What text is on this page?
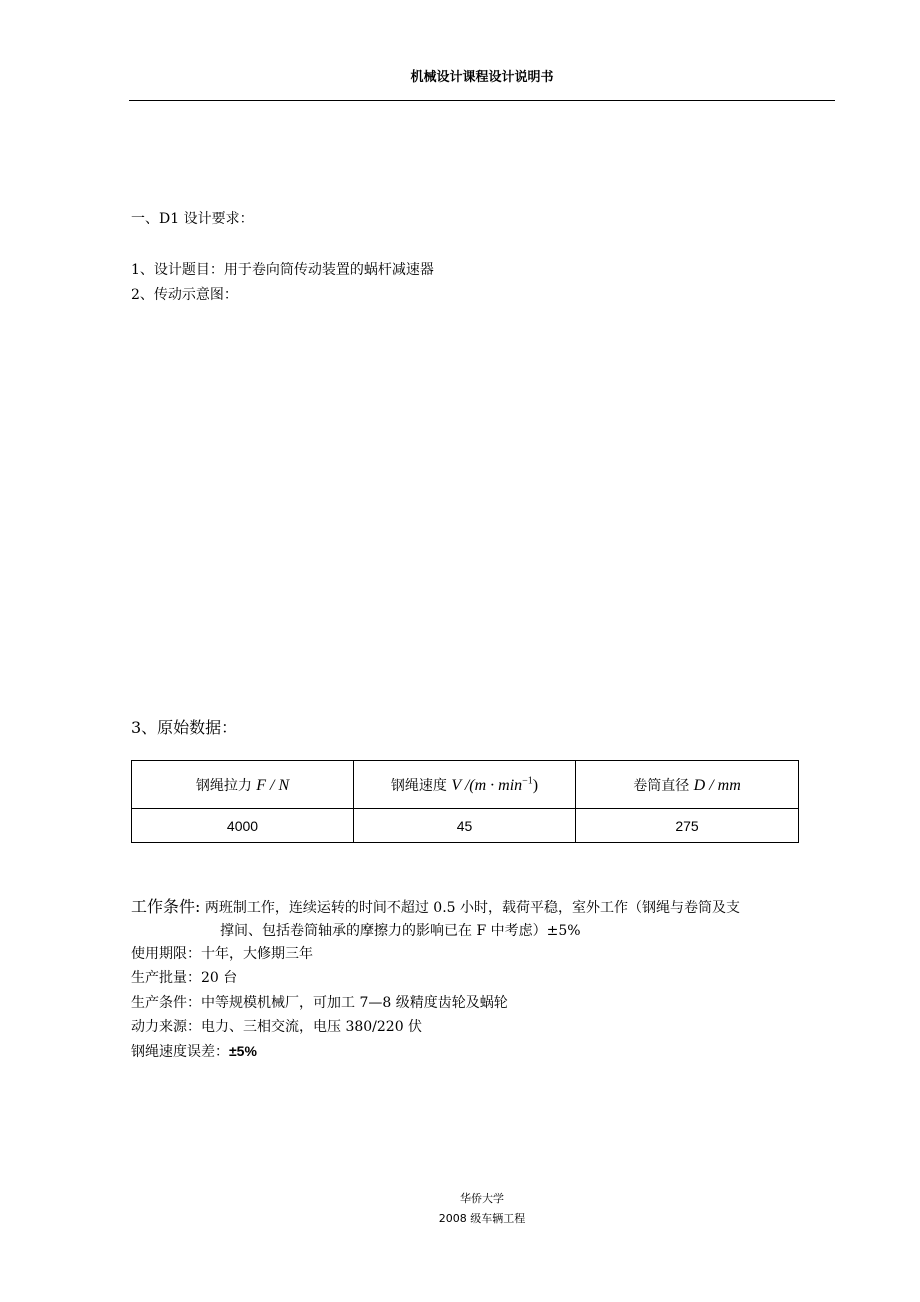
机械设计课程设计说明书
一、D1 设计要求：
1、设计题目：用于卷向筒传动装置的蜗杆减速器
2、传动示意图：
3、原始数据：
钢绳拉力 F / N	钢绳速度 V $/(m \cdot \min^{-1})$	卷筒直径 D / mm
4000	45	275
工作条件: 两班制工作，连续运转的时间不超过 0.5 小时，载荷平稳，室外工作（钢绳与卷筒及支
撑间、包括卷筒轴承的摩擦力的影响已在 F 中考虑）±5%
使用期限：十年，大修期三年
生产批量：20 台
生产条件：中等规模机械厂，可加工 7—8 级精度齿轮及蜗轮
动力来源：电力、三相交流，电压 380/220 伏
钢绳速度误差：±5%
华侨大学
2008 级车辆工程
